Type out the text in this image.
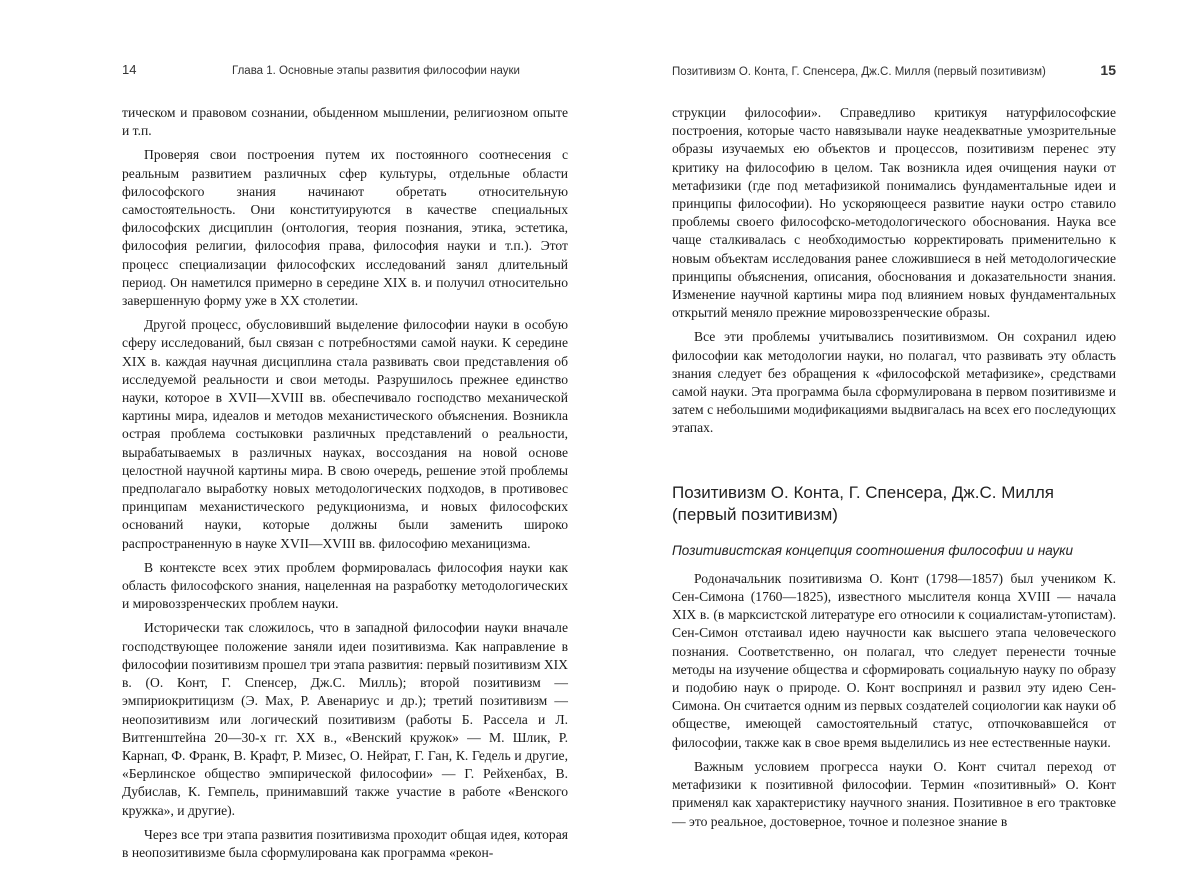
14	Глава 1. Основные этапы развития философии науки

тическом и правовом сознании, обыденном мышлении, религиозном опыте и т.п.

Проверяя свои построения путем их постоянного соотнесения с реальным развитием различных сфер культуры, отдельные области философского знания начинают обретать относительную самостоятельность. Они конституируются в качестве специальных философских дисциплин (онтология, теория познания, этика, эстетика, философия религии, философия права, философия науки и т.п.). Этот процесс специализации философских исследований занял длительный период. Он наметился примерно в середине XIX в. и получил относительно завершенную форму уже в XX столетии.

Другой процесс, обусловивший выделение философии науки в особую сферу исследований, был связан с потребностями самой науки. К середине XIX в. каждая научная дисциплина стала развивать свои представления об исследуемой реальности и свои методы. Разрушилось прежнее единство науки, которое в XVII—XVIII вв. обеспечивало господство механической картины мира, идеалов и методов механистического объяснения. Возникла острая проблема состыковки различных представлений о реальности, вырабатываемых в различных науках, воссоздания на новой основе целостной научной картины мира. В свою очередь, решение этой проблемы предполагало выработку новых методологических подходов, в противовес принципам механистического редукционизма, и новых философских оснований науки, которые должны были заменить широко распространенную в науке XVII—XVIII вв. философию механицизма.

В контексте всех этих проблем формировалась философия науки как область философского знания, нацеленная на разработку методологических и мировоззренческих проблем науки.

Исторически так сложилось, что в западной философии науки вначале господствующее положение заняли идеи позитивизма. Как направление в философии позитивизм прошел три этапа развития: первый позитивизм XIX в. (О. Конт, Г. Спенсер, Дж.С. Милль); второй позитивизм — эмпириокритицизм (Э. Мах, Р. Авенариус и др.); третий позитивизм — неопозитивизм или логический позитивизм (работы Б. Рассела и Л. Витгенштейна 20—30-х гг. XX в., «Венский кружок» — М. Шлик, Р. Карнап, Ф. Франк, В. Крафт, Р. Мизес, О. Нейрат, Г. Ган, К. Гедель и другие, «Берлинское общество эмпирической философии» — Г. Рейхенбах, В. Дубислав, К. Гемпель, принимавший также участие в работе «Венского кружка», и другие).

Через все три этапа развития позитивизма проходит общая идея, которая в неопозитивизме была сформулирована как программа «рекон-

Позитивизм О. Конта, Г. Спенсера, Дж.С. Милля (первый позитивизм)	15

струкции философии». Справедливо критикуя натурфилософские построения, которые часто навязывали науке неадекватные умозрительные образы изучаемых ею объектов и процессов, позитивизм перенес эту критику на философию в целом. Так возникла идея очищения науки от метафизики (где под метафизикой понимались фундаментальные идеи и принципы философии). Но ускоряющееся развитие науки остро ставило проблемы своего философско-методологического обоснования. Наука все чаще сталкивалась с необходимостью корректировать применительно к новым объектам исследования ранее сложившиеся в ней методологические принципы объяснения, описания, обоснования и доказательности знания. Изменение научной картины мира под влиянием новых фундаментальных открытий меняло прежние мировоззренческие образы.

Все эти проблемы учитывались позитивизмом. Он сохранил идею философии как методологии науки, но полагал, что развивать эту область знания следует без обращения к «философской метафизике», средствами самой науки. Эта программа была сформулирована в первом позитивизме и затем с небольшими модификациями выдвигалась на всех его последующих этапах.

Позитивизм О. Конта, Г. Спенсера, Дж.С. Милля
(первый позитивизм)
Позитивистская концепция соотношения философии и науки

Родоначальник позитивизма О. Конт (1798—1857) был учеником К. Сен-Симона (1760—1825), известного мыслителя конца XVIII — начала XIX в. (в марксистской литературе его относили к социалистам-утопистам). Сен-Симон отстаивал идею научности как высшего этапа человеческого познания. Соответственно, он полагал, что следует перенести точные методы на изучение общества и сформировать социальную науку по образу и подобию наук о природе. О. Конт воспринял и развил эту идею Сен-Симона. Он считается одним из первых создателей социологии как науки об обществе, имеющей самостоятельный статус, отпочковавшейся от философии, также как в свое время выделились из нее естественные науки.

Важным условием прогресса науки О. Конт считал переход от метафизики к позитивной философии. Термин «позитивный» О. Конт применял как характеристику научного знания. Позитивное в его трактовке — это реальное, достоверное, точное и полезное знание в
